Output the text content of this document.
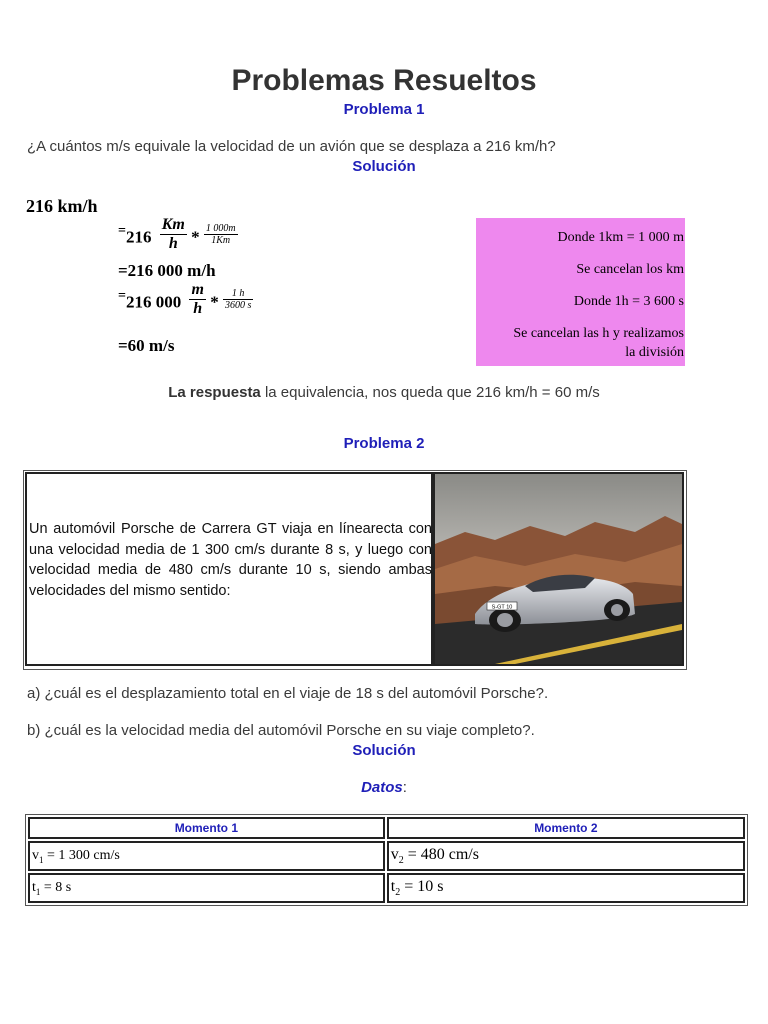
Problemas Resueltos
Problema 1
¿A cuántos m/s equivale la velocidad de un avión que se desplaza a 216 km/h?
Solución
216 km/h
$^=216 \frac{Km}{h} * \frac{1 000m}{1Km}$
=216 000 m/h
=216 $000 \frac{m}{h} * \frac{1 h}{3600 s}$
=60 m/s
Donde 1km = 1 000 m
Se cancelan los km
Donde 1h = 3 600 s
Se cancelan las h y realizamos
la división
La respuesta la equivalencia, nos queda que 216 km/h = 60 m/s
Problema 2
Un automóvil Porsche de Carrera GT viaja en línearecta con una velocidad media de 1 300 cm/s durante 8 s, y luego con velocidad media de 480 cm/s durante 10 s, siendo ambas velocidades del mismo sentido:
S-GT 10
a) ¿cuál es el desplazamiento total en el viaje de 18 s del automóvil Porsche?.
b) ¿cuál es la velocidad media del automóvil Porsche en su viaje completo?.
Solución
Datos:
Momento 1	Momento 2
$v_1 = 1$ 300 cm/s	$v_2 = 480$ cm/s
$t_1 = 8$ s	$t_2 = 10$ s
